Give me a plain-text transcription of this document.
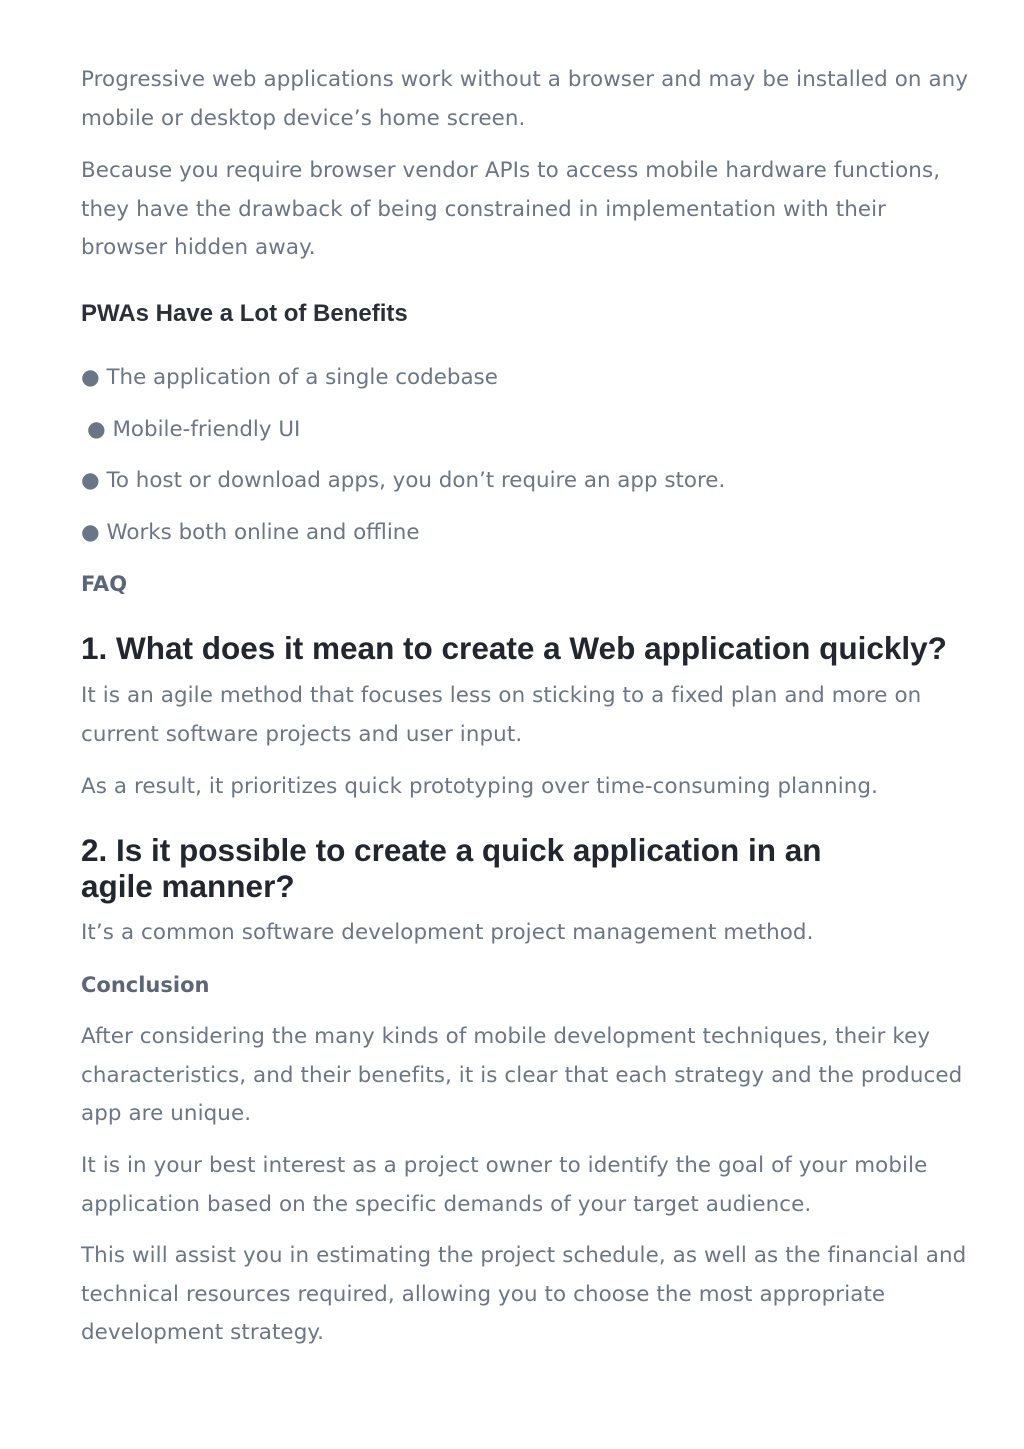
Progressive web applications work without a browser and may be installed on any mobile or desktop device’s home screen.

Because you require browser vendor APIs to access mobile hardware functions, they have the drawback of being constrained in implementation with their browser hidden away.

PWAs Have a Lot of Benefits

● The application of a single codebase

● Mobile-friendly UI

● To host or download apps, you don’t require an app store.

● Works both online and offline

FAQ
1. What does it mean to create a Web application quickly?

It is an agile method that focuses less on sticking to a fixed plan and more on current software projects and user input.

As a result, it prioritizes quick prototyping over time-consuming planning.

2. Is it possible to create a quick application in an agile manner?

It’s a common software development project management method.

Conclusion

After considering the many kinds of mobile development techniques, their key characteristics, and their benefits, it is clear that each strategy and the produced app are unique.

It is in your best interest as a project owner to identify the goal of your mobile application based on the specific demands of your target audience.

This will assist you in estimating the project schedule, as well as the financial and technical resources required, allowing you to choose the most appropriate development strategy.
